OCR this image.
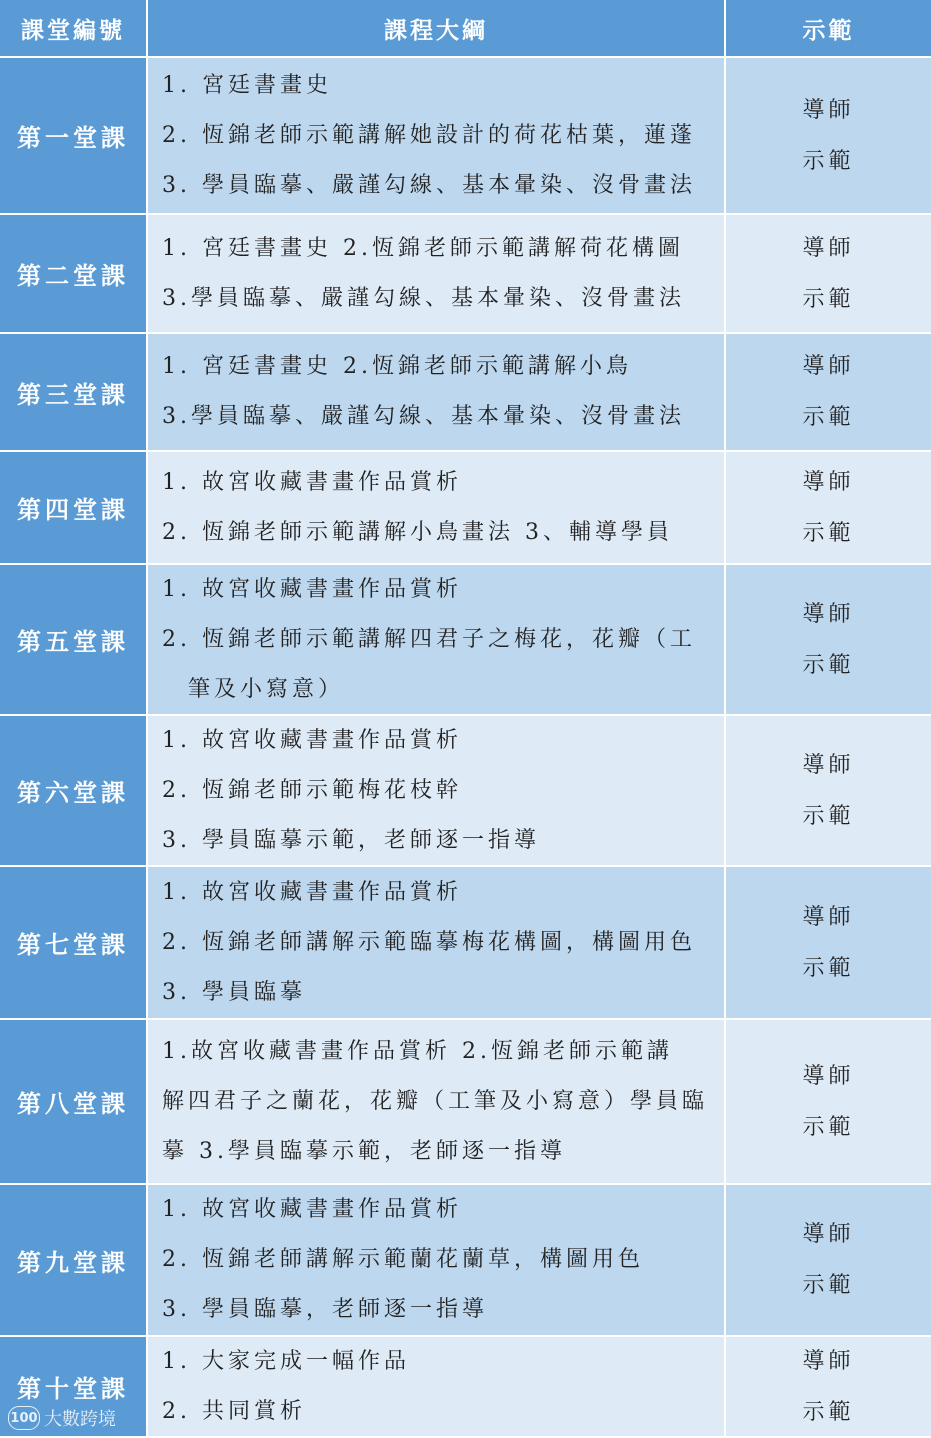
課堂編號	課程大綱	示範
第一堂課
1. 宮廷書畫史
2. 恆錦老師示範講解她設計的荷花枯葉，蓮蓬
3. 學員臨摹、嚴謹勾線、基本暈染、沒骨畫法
導師
示範
第二堂課
1. 宮廷書畫史 2.恆錦老師示範講解荷花構圖
3.學員臨摹、嚴謹勾線、基本暈染、沒骨畫法
導師
示範
第三堂課
1. 宮廷書畫史 2.恆錦老師示範講解小鳥
3.學員臨摹、嚴謹勾線、基本暈染、沒骨畫法
導師
示範
第四堂課
1. 故宮收藏書畫作品賞析
2. 恆錦老師示範講解小鳥畫法 3、輔導學員
導師
示範
第五堂課
1. 故宮收藏書畫作品賞析
2. 恆錦老師示範講解四君子之梅花，花瓣（工
　筆及小寫意）
導師
示範
第六堂課
1. 故宮收藏書畫作品賞析
2. 恆錦老師示範梅花枝幹
3. 學員臨摹示範，老師逐一指導
導師
示範
第七堂課
1. 故宮收藏書畫作品賞析
2. 恆錦老師講解示範臨摹梅花構圖，構圖用色
3. 學員臨摹
導師
示範
第八堂課
1.故宮收藏書畫作品賞析 2.恆錦老師示範講
解四君子之蘭花，花瓣（工筆及小寫意）學員臨
摹 3.學員臨摹示範，老師逐一指導
導師
示範
第九堂課
1. 故宮收藏書畫作品賞析
2. 恆錦老師講解示範蘭花蘭草，構圖用色
3. 學員臨摹，老師逐一指導
導師
示範
第十堂課
1. 大家完成一幅作品
2. 共同賞析
導師
示範
100 大數跨境
